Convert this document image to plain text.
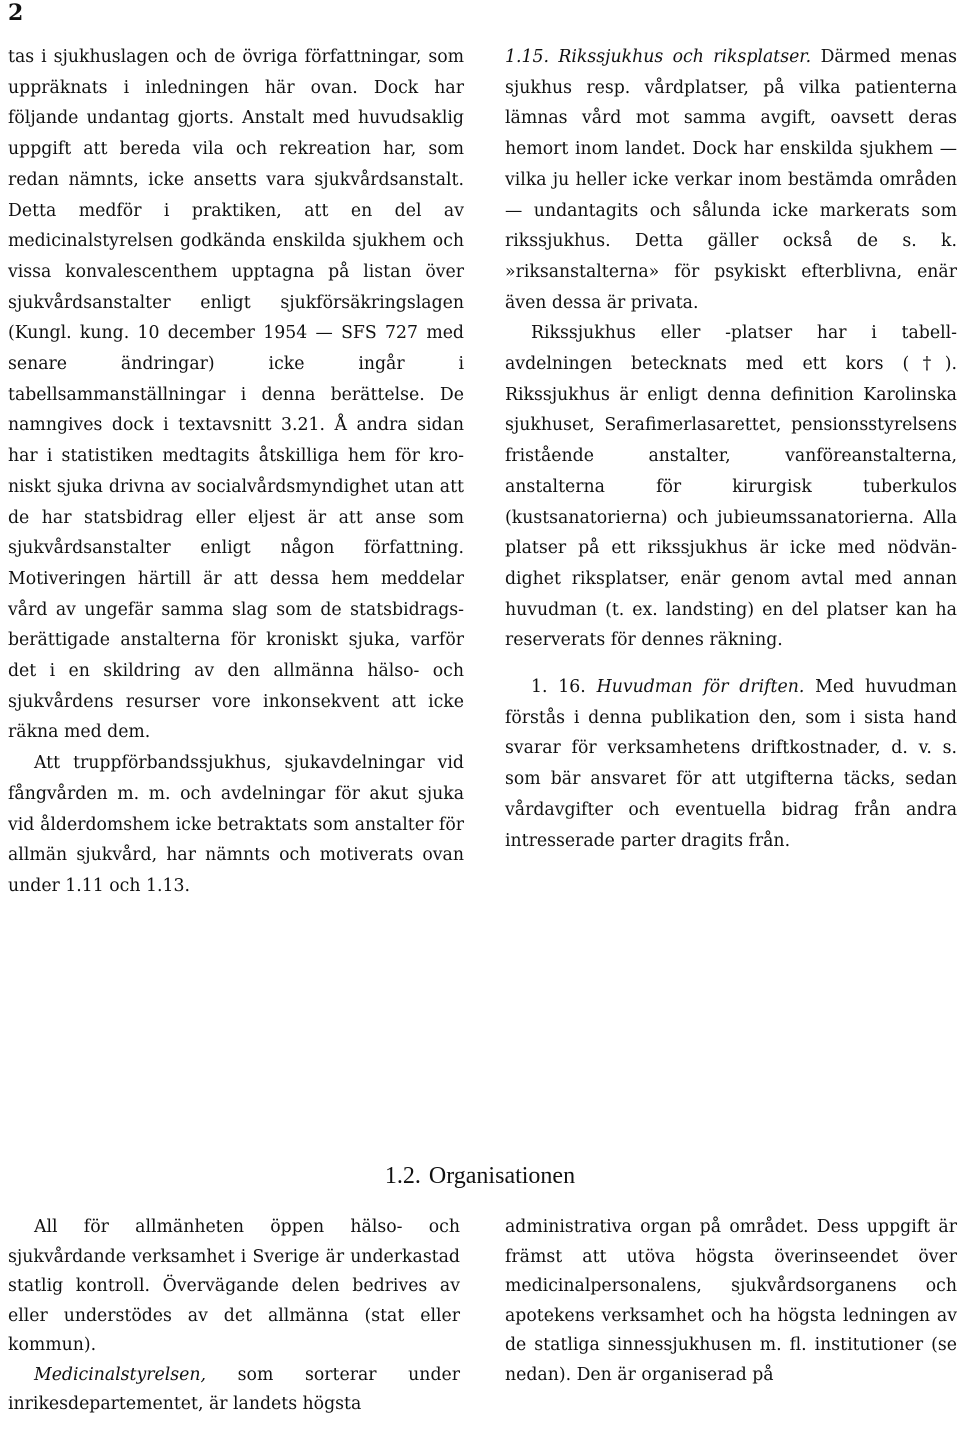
2

tas i sjukhuslagen och de övriga författningar, som uppräknats i inledningen här ovan. Dock har följande undantag gjorts. Anstalt med huvudsaklig uppgift att bereda vila och rekreation har, som redan nämnts, icke ansetts vara sjukvårdsanstalt. Detta medför i praktiken, att en del av medicinalstyrelsen godkända enskilda sjukhem och vissa konvalescenthem upptagna på listan över sjukvårdsanstalter enligt sjukförsäkringslagen (Kungl. kung. 10 december 1954 — SFS 727 med senare ändringar) icke ingår i tabellsammanställningar i denna berättelse. De namngives dock i textavsnitt 3.21. Å andra sidan har i statistiken medtagits åtskilliga hem för kroniskt sjuka drivna av socialvårdsmyndighet utan att de har statsbidrag eller eljest är att anse som sjukvårdsanstalter enligt någon författning. Motiveringen härtill är att dessa hem meddelar vård av ungefär samma slag som de statsbidragsberättigade anstalterna för kroniskt sjuka, varför det i en skildring av den allmänna hälso- och sjukvårdens resurser vore inkonsekvent att icke räkna med dem.

Att truppförbandssjukhus, sjukavdelningar vid fångvården m. m. och avdelningar för akut sjuka vid ålderdomshem icke betraktats som anstalter för allmän sjukvård, har nämnts och motiverats ovan under 1.11 och 1.13.

1.15. Rikssjukhus och riksplatser. Därmed menas sjukhus resp. vårdplatser, på vilka patienterna lämnas vård mot samma avgift, oavsett deras hemort inom landet. Dock har enskilda sjukhem — vilka ju heller icke verkar inom bestämda områden — undantagits och sålunda icke markerats som rikssjukhus. Detta gäller också de s. k. »riksanstalterna» för psykiskt efterblivna, enär även dessa är privata.

Rikssjukhus eller -platser har i tabellavdelningen betecknats med ett kors (†). Rikssjukhus är enligt denna definition Karolinska sjukhuset, Serafimerlasarettet, pensionsstyrelsens fristående anstalter, vanföreanstalterna, anstalterna för kirurgisk tuberkulos (kustsanatorierna) och jubieumssanatorierna. Alla platser på ett rikssjukhus är icke med nödvändighet riksplatser, enär genom avtal med annan huvudman (t. ex. landsting) en del platser kan ha reserverats för dennes räkning.

1. 16. Huvudman för driften. Med huvudman förstås i denna publikation den, som i sista hand svarar för verksamhetens driftkostnader, d. v. s. som bär ansvaret för att utgifterna täcks, sedan vårdavgifter och eventuella bidrag från andra intresserade parter dragits från.

1.2. Organisationen

All för allmänheten öppen hälso- och sjukvårdande verksamhet i Sverige är underkastad statlig kontroll. Övervägande delen bedrives av eller understödes av det allmänna (stat eller kommun).

Medicinalstyrelsen, som sorterar under inrikesdepartementet, är landets högsta

administrativa organ på området. Dess uppgift är främst att utöva högsta överinseendet över medicinalpersonalens, sjukvårdsorganens och apotekens verksamhet och ha högsta ledningen av de statliga sinnessjukhusen m. fl. institutioner (se nedan). Den är organiserad på
